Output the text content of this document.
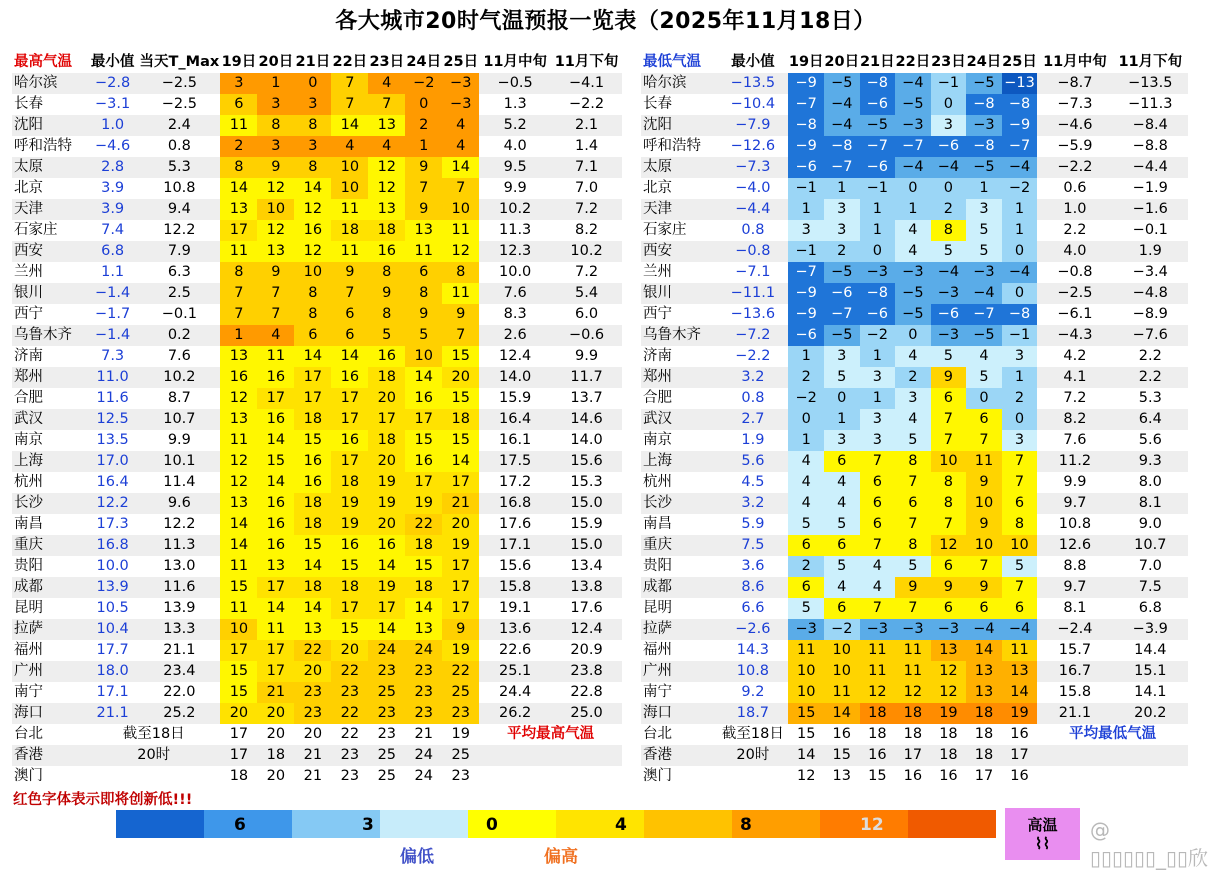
各大城市20时气温预报一览表（2025年11月18日）
最高气温	最小值	当天T_Max	19日	20日	21日	22日	23日	24日	25日	11月中旬	11月下旬
哈尔滨	−2.8	−2.5	3	1	0	7	4	−2	−3	−0.5	−4.1
长春	−3.1	−2.5	6	3	3	7	7	0	−3	1.3	−2.2
沈阳	1.0	2.4	11	8	8	14	13	2	4	5.2	2.1
呼和浩特	−4.6	0.8	2	3	3	4	4	1	4	4.0	1.4
太原	2.8	5.3	8	9	8	10	12	9	14	9.5	7.1
北京	3.9	10.8	14	12	14	10	12	7	7	9.9	7.0
天津	3.9	9.4	13	10	12	11	13	9	10	10.2	7.2
石家庄	7.4	12.2	17	12	16	18	18	13	11	11.3	8.2
西安	6.8	7.9	11	13	12	11	16	11	12	12.3	10.2
兰州	1.1	6.3	8	9	10	9	8	6	8	10.0	7.2
银川	−1.4	2.5	7	7	8	7	9	8	11	7.6	5.4
西宁	−1.7	−0.1	7	7	8	6	8	9	9	8.3	6.0
乌鲁木齐	−1.4	0.2	1	4	6	6	5	5	7	2.6	−0.6
济南	7.3	7.6	13	11	14	14	16	10	15	12.4	9.9
郑州	11.0	10.2	16	16	17	16	18	14	20	14.0	11.7
合肥	11.6	8.7	12	17	17	17	20	16	15	15.9	13.7
武汉	12.5	10.7	13	16	18	17	17	17	18	16.4	14.6
南京	13.5	9.9	11	14	15	16	18	15	15	16.1	14.0
上海	17.0	10.1	12	15	16	17	20	16	14	17.5	15.6
杭州	16.4	11.4	12	14	16	18	19	17	17	17.2	15.3
长沙	12.2	9.6	13	16	18	19	19	19	21	16.8	15.0
南昌	17.3	12.2	14	16	18	19	20	22	20	17.6	15.9
重庆	16.8	11.3	14	16	15	16	16	18	19	17.1	15.0
贵阳	10.0	13.0	11	13	14	15	14	15	17	15.6	13.4
成都	13.9	11.6	15	17	18	18	19	18	17	15.8	13.8
昆明	10.5	13.9	11	14	14	17	17	14	17	19.1	17.6
拉萨	10.4	13.3	10	11	13	15	14	13	9	13.6	12.4
福州	17.7	21.1	17	17	22	20	24	24	19	22.6	20.9
广州	18.0	23.4	15	17	20	22	23	23	22	25.1	23.8
南宁	17.1	22.0	15	21	23	23	25	23	25	24.4	22.8
海口	21.1	25.2	20	20	23	22	23	23	23	26.2	25.0
台北	截至18日		17	20	20	22	23	21	19	平均最高气温	
香港	20时		17	18	21	23	25	24	25		
澳门			18	20	21	23	25	24	23		
最低气温	最小值	19日	20日	21日	22日	23日	24日	25日	11月中旬	11月下旬
哈尔滨	−13.5	−9	−5	−8	−4	−1	−5	−13	−8.7	−13.5
长春	−10.4	−7	−4	−6	−5	0	−8	−8	−7.3	−11.3
沈阳	−7.9	−8	−4	−5	−3	3	−3	−9	−4.6	−8.4
呼和浩特	−12.6	−9	−8	−7	−7	−6	−8	−7	−5.9	−8.8
太原	−7.3	−6	−7	−6	−4	−4	−5	−4	−2.2	−4.4
北京	−4.0	−1	1	−1	0	0	1	−2	0.6	−1.9
天津	−4.4	1	3	1	1	2	3	1	1.0	−1.6
石家庄	0.8	3	3	1	4	8	5	1	2.2	−0.1
西安	−0.8	−1	2	0	4	5	5	0	4.0	1.9
兰州	−7.1	−7	−5	−3	−3	−4	−3	−4	−0.8	−3.4
银川	−11.1	−9	−6	−8	−5	−3	−4	0	−2.5	−4.8
西宁	−13.6	−9	−7	−6	−5	−6	−7	−8	−6.1	−8.9
乌鲁木齐	−7.2	−6	−5	−2	0	−3	−5	−1	−4.3	−7.6
济南	−2.2	1	3	1	4	5	4	3	4.2	2.2
郑州	3.2	2	5	3	2	9	5	1	4.1	2.2
合肥	0.8	−2	0	1	3	6	0	2	7.2	5.3
武汉	2.7	0	1	3	4	7	6	0	8.2	6.4
南京	1.9	1	3	3	5	7	7	3	7.6	5.6
上海	5.6	4	6	7	8	10	11	7	11.2	9.3
杭州	4.5	4	4	6	7	8	9	7	9.9	8.0
长沙	3.2	4	4	6	6	8	10	6	9.7	8.1
南昌	5.9	5	5	6	7	7	9	8	10.8	9.0
重庆	7.5	6	6	7	8	12	10	10	12.6	10.7
贵阳	3.6	2	5	4	5	6	7	5	8.8	7.0
成都	8.6	6	4	4	9	9	9	7	9.7	7.5
昆明	6.6	5	6	7	7	6	6	6	8.1	6.8
拉萨	−2.6	−3	−2	−3	−3	−3	−4	−4	−2.4	−3.9
福州	14.3	11	10	11	11	13	14	11	15.7	14.4
广州	10.8	10	10	11	11	12	13	13	16.7	15.1
南宁	9.2	10	11	12	12	12	13	14	15.8	14.1
海口	18.7	15	14	18	18	19	18	19	21.1	20.2
台北	截至18日	15	16	18	18	18	18	16	平均最低气温	
香港	20时	14	15	16	17	18	18	17		
澳门		12	13	15	16	16	17	16		
红色字体表示即将创新低!!!
6	3	0	4	8	12
偏低	偏高
高温
⌇⌇
@ ▯▯▯▯▯▯_▯▯欣
